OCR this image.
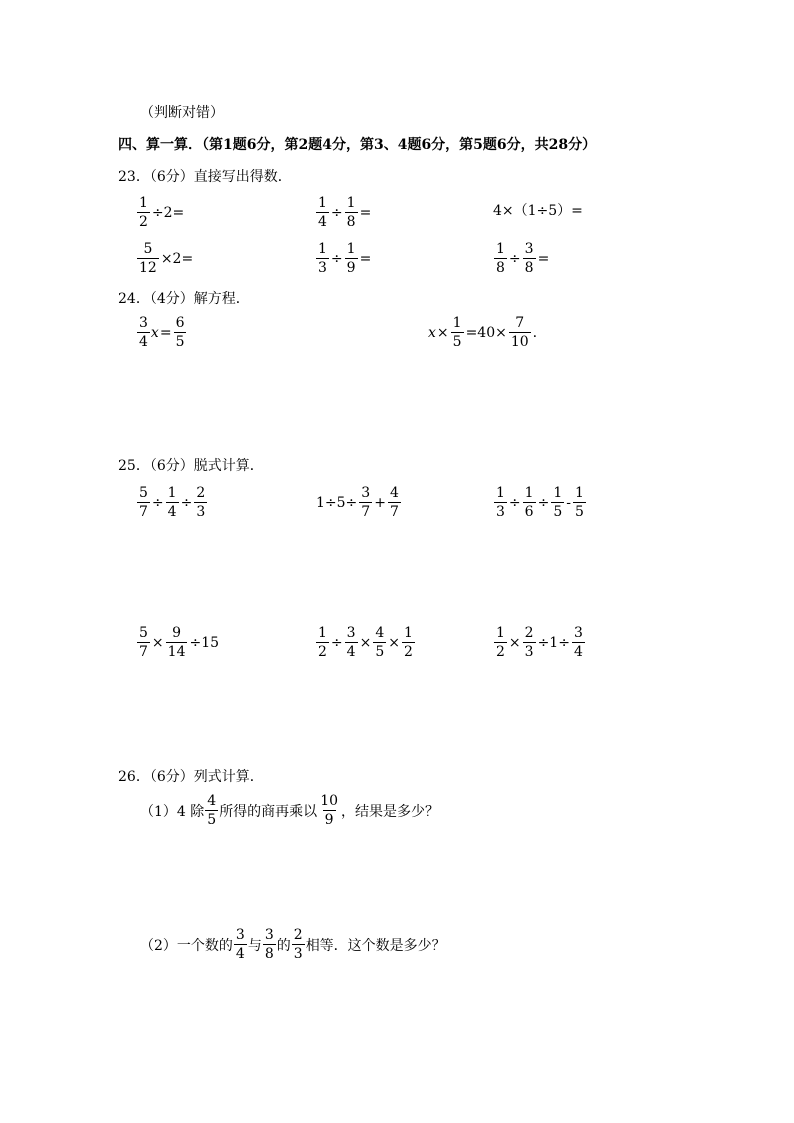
（判断对错）
四、算一算．（第1题6分，第2题4分，第3、4题6分，第5题6分，共28分）
23．（6分）直接写出得数．
$\frac{1}{2} \div 2=$	$\frac{1}{4} \div \frac{1}{8}$ =	4×（1÷5）=
$\frac{5}{12} \times 2=$	$\frac{1}{3} \div \frac{1}{9}$ =	$\frac{1}{8} \div \frac{3}{8}$ =
24．（4分）解方程．
$\frac{3}{4}$ $x = \frac{6}{5}$	$x \times \frac{1}{5} =40\times \frac{7}{10}$ .
25．（6分）脱式计算．
$\frac{5}{7} \div \frac{1}{4} \div \frac{2}{3}$	$1\div 5\div \frac{3}{7} + \frac{4}{7}$	$\frac{1}{3} \div \frac{1}{6} \div \frac{1}{5} - \frac{1}{5}$
$\frac{5}{7} \times \frac{9}{14} \div 15$	$\frac{1}{2} \div \frac{3}{4} \times \frac{4}{5} \times \frac{1}{2}$	$\frac{1}{2} \times \frac{2}{3} \div 1\div \frac{3}{4}$
26．（6分）列式计算．
（1）4 除 $\frac{4}{5}$ 所得的商再乘以 $\frac{10}{9}$ ，结果是多少？
（2）一个数的 $\frac{3}{4}$ 与 $\frac{3}{8}$ 的 $\frac{2}{3}$ 相等．这个数是多少？
